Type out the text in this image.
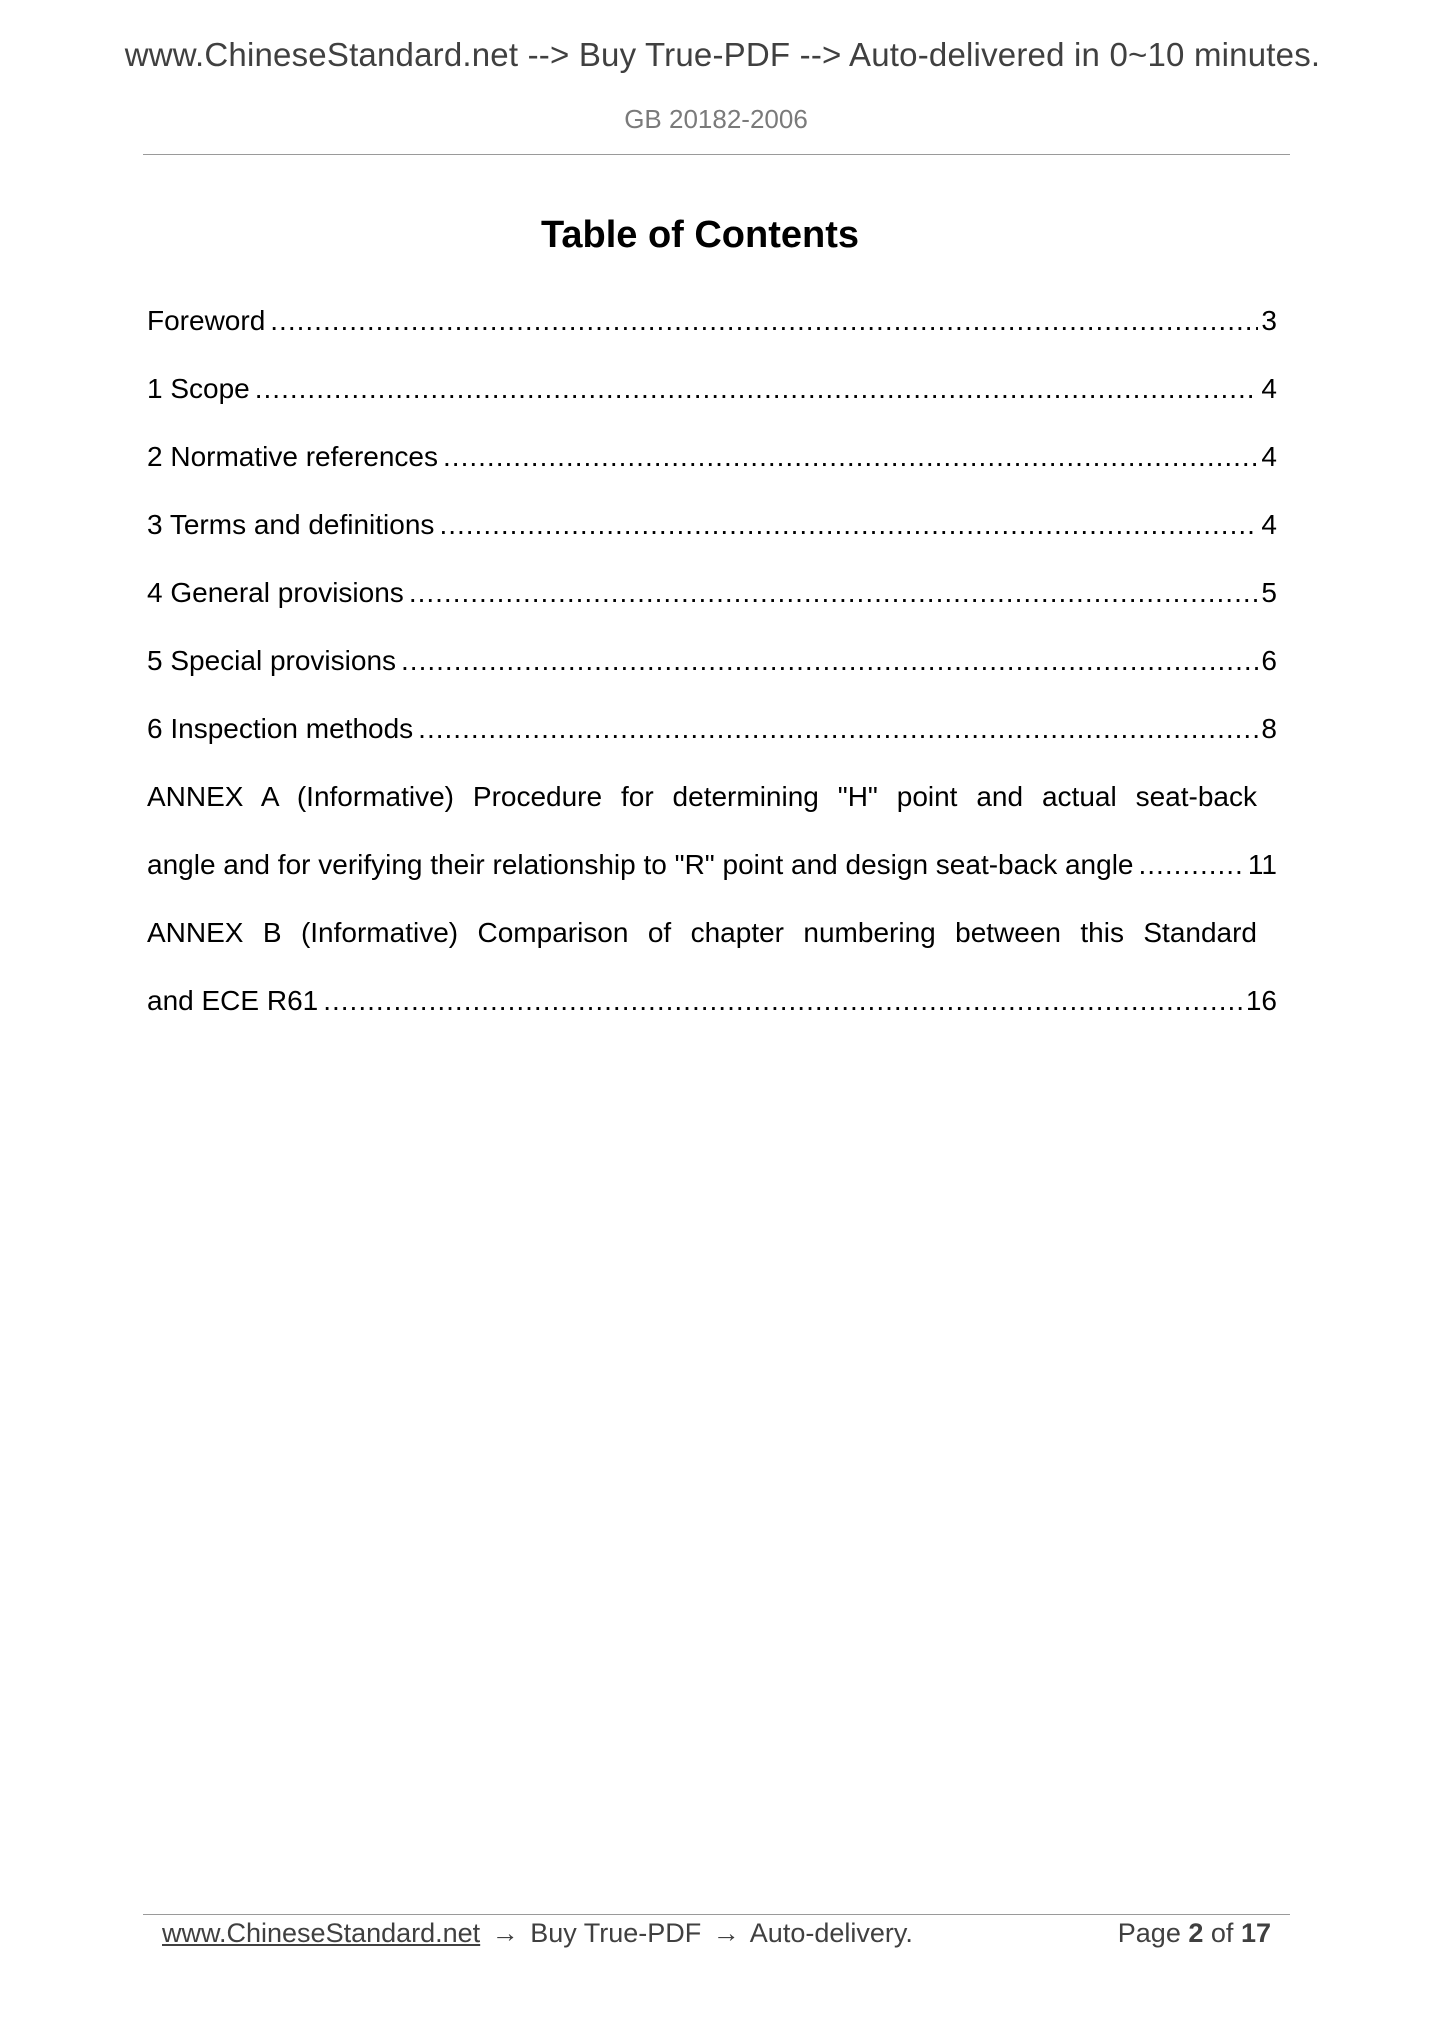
www.ChineseStandard.net --> Buy True-PDF --> Auto-delivered in 0~10 minutes.
GB 20182-2006
Table of Contents
Foreword .....	3
1 Scope .....	4
2 Normative references .....	4
3 Terms and definitions .....	4
4 General provisions .....	5
5 Special provisions .....	6
6 Inspection methods .....	8
ANNEX A (Informative) Procedure for determining "H" point and actual seat-back
angle and for verifying their relationship to "R" point and design seat-back angle .....	11
ANNEX B (Informative) Comparison of chapter numbering between this Standard
and ECE R61 .....	16
www.ChineseStandard.net → Buy True-PDF → Auto-delivery.	Page 2 of 17
